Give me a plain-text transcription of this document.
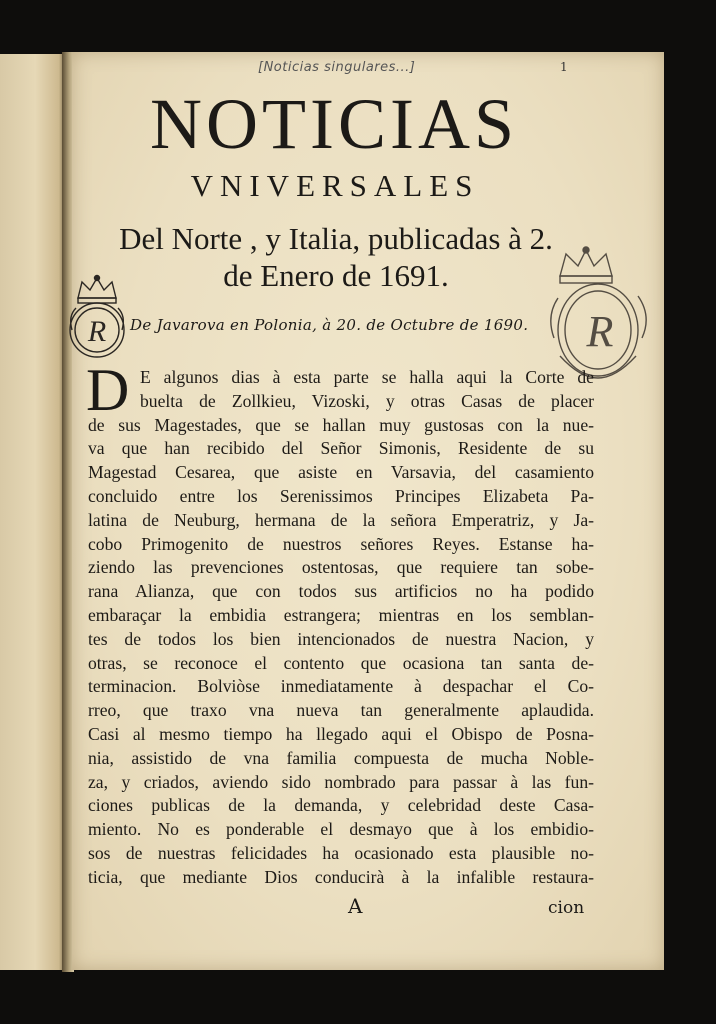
[Noticias singulares...]	1
NOTICIAS
VNIVERSALES
Del Norte , y Italia, publicadas à 2.
de Enero de 1691.
R	R
De Javarova en Polonia, à 20. de Octubre de 1690.
D E algunos dias à esta parte se halla aqui la Corte de
buelta de Zollkieu, Vizoski, y otras Casas de placer
de sus Magestades, que se hallan muy gustosas con la nue-
va que han recibido del Señor Simonis, Residente de su
Magestad Cesarea, que asiste en Varsavia, del casamiento
concluido entre los Serenissimos Principes Elizabeta Pa-
latina de Neuburg, hermana de la señora Emperatriz, y Ja-
cobo Primogenito de nuestros señores Reyes. Estanse ha-
ziendo las prevenciones ostentosas, que requiere tan sobe-
rana Alianza, que con todos sus artificios no ha podido
embaraçar la embidia estrangera; mientras en los semblan-
tes de todos los bien intencionados de nuestra Nacion, y
otras, se reconoce el contento que ocasiona tan santa de-
terminacion. Bolviòse inmediatamente à despachar el Co-
rreo, que traxo vna nueva tan generalmente aplaudida.
Casi al mesmo tiempo ha llegado aqui el Obispo de Posna-
nia, assistido de vna familia compuesta de mucha Noble-
za, y criados, aviendo sido nombrado para passar à las fun-
ciones publicas de la demanda, y celebridad deste Casa-
miento. No es ponderable el desmayo que à los embidio-
sos de nuestras felicidades ha ocasionado esta plausible no-
ticia, que mediante Dios conducirà à la infalible restaura-
A	cion
